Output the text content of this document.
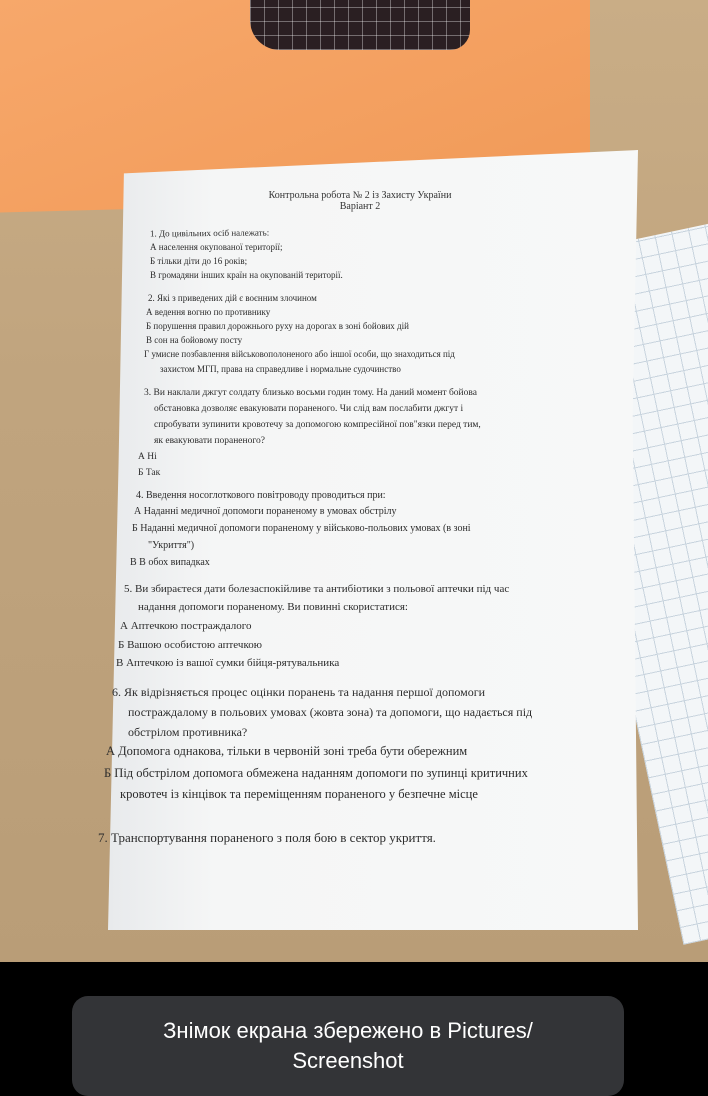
Контрольна робота № 2 із Захисту України
Варіант 2
1. До цивільних осіб належать:
А населення окупованої території;
Б тільки діти до 16 років;
В громадяни інших країн на окупованій території.
2. Які з приведених дій є воєнним злочином
А ведення вогню по противнику
Б порушення правил дорожнього руху на дорогах в зоні бойових дій
В сон на бойовому посту
Г умисне позбавлення військовополоненого або іншої особи, що знаходиться під
захистом МГП, права на справедливе і нормальне судочинство
3. Ви наклали джгут солдату близько восьми годин тому. На даний момент бойова
обстановка дозволяє евакуювати пораненого. Чи слід вам послабити джгут і
спробувати зупинити кровотечу за допомогою компресійної пов"язки перед тим,
як евакуювати пораненого?
А Ні
Б Так
4. Введення носоглоткового повітроводу проводиться при:
А Наданні медичної допомоги пораненому в умовах обстрілу
Б Наданні медичної допомоги пораненому у військово-польових умовах (в зоні
"Укриття")
В В обох випадках
5. Ви збираєтеся дати болезаспокійливе та антибіотики з польової аптечки під час
надання допомоги пораненому. Ви повинні скористатися:
А Аптечкою постраждалого
Б Вашою особистою аптечкою
В Аптечкою із вашої сумки бійця-рятувальника
6. Як відрізняється процес оцінки поранень та надання першої допомоги
постраждалому в польових умовах (жовта зона) та допомоги, що надається під
обстрілом противника?
А Допомога однакова, тільки в червоній зоні треба бути обережним
Б Під обстрілом допомога обмежена наданням допомоги по зупинці критичних
кровотеч із кінцівок та переміщенням пораненого у безпечне місце
7. Транспортування пораненого з поля бою в сектор укриття.
Знімок екрана збережено в Pictures/
Screenshot
